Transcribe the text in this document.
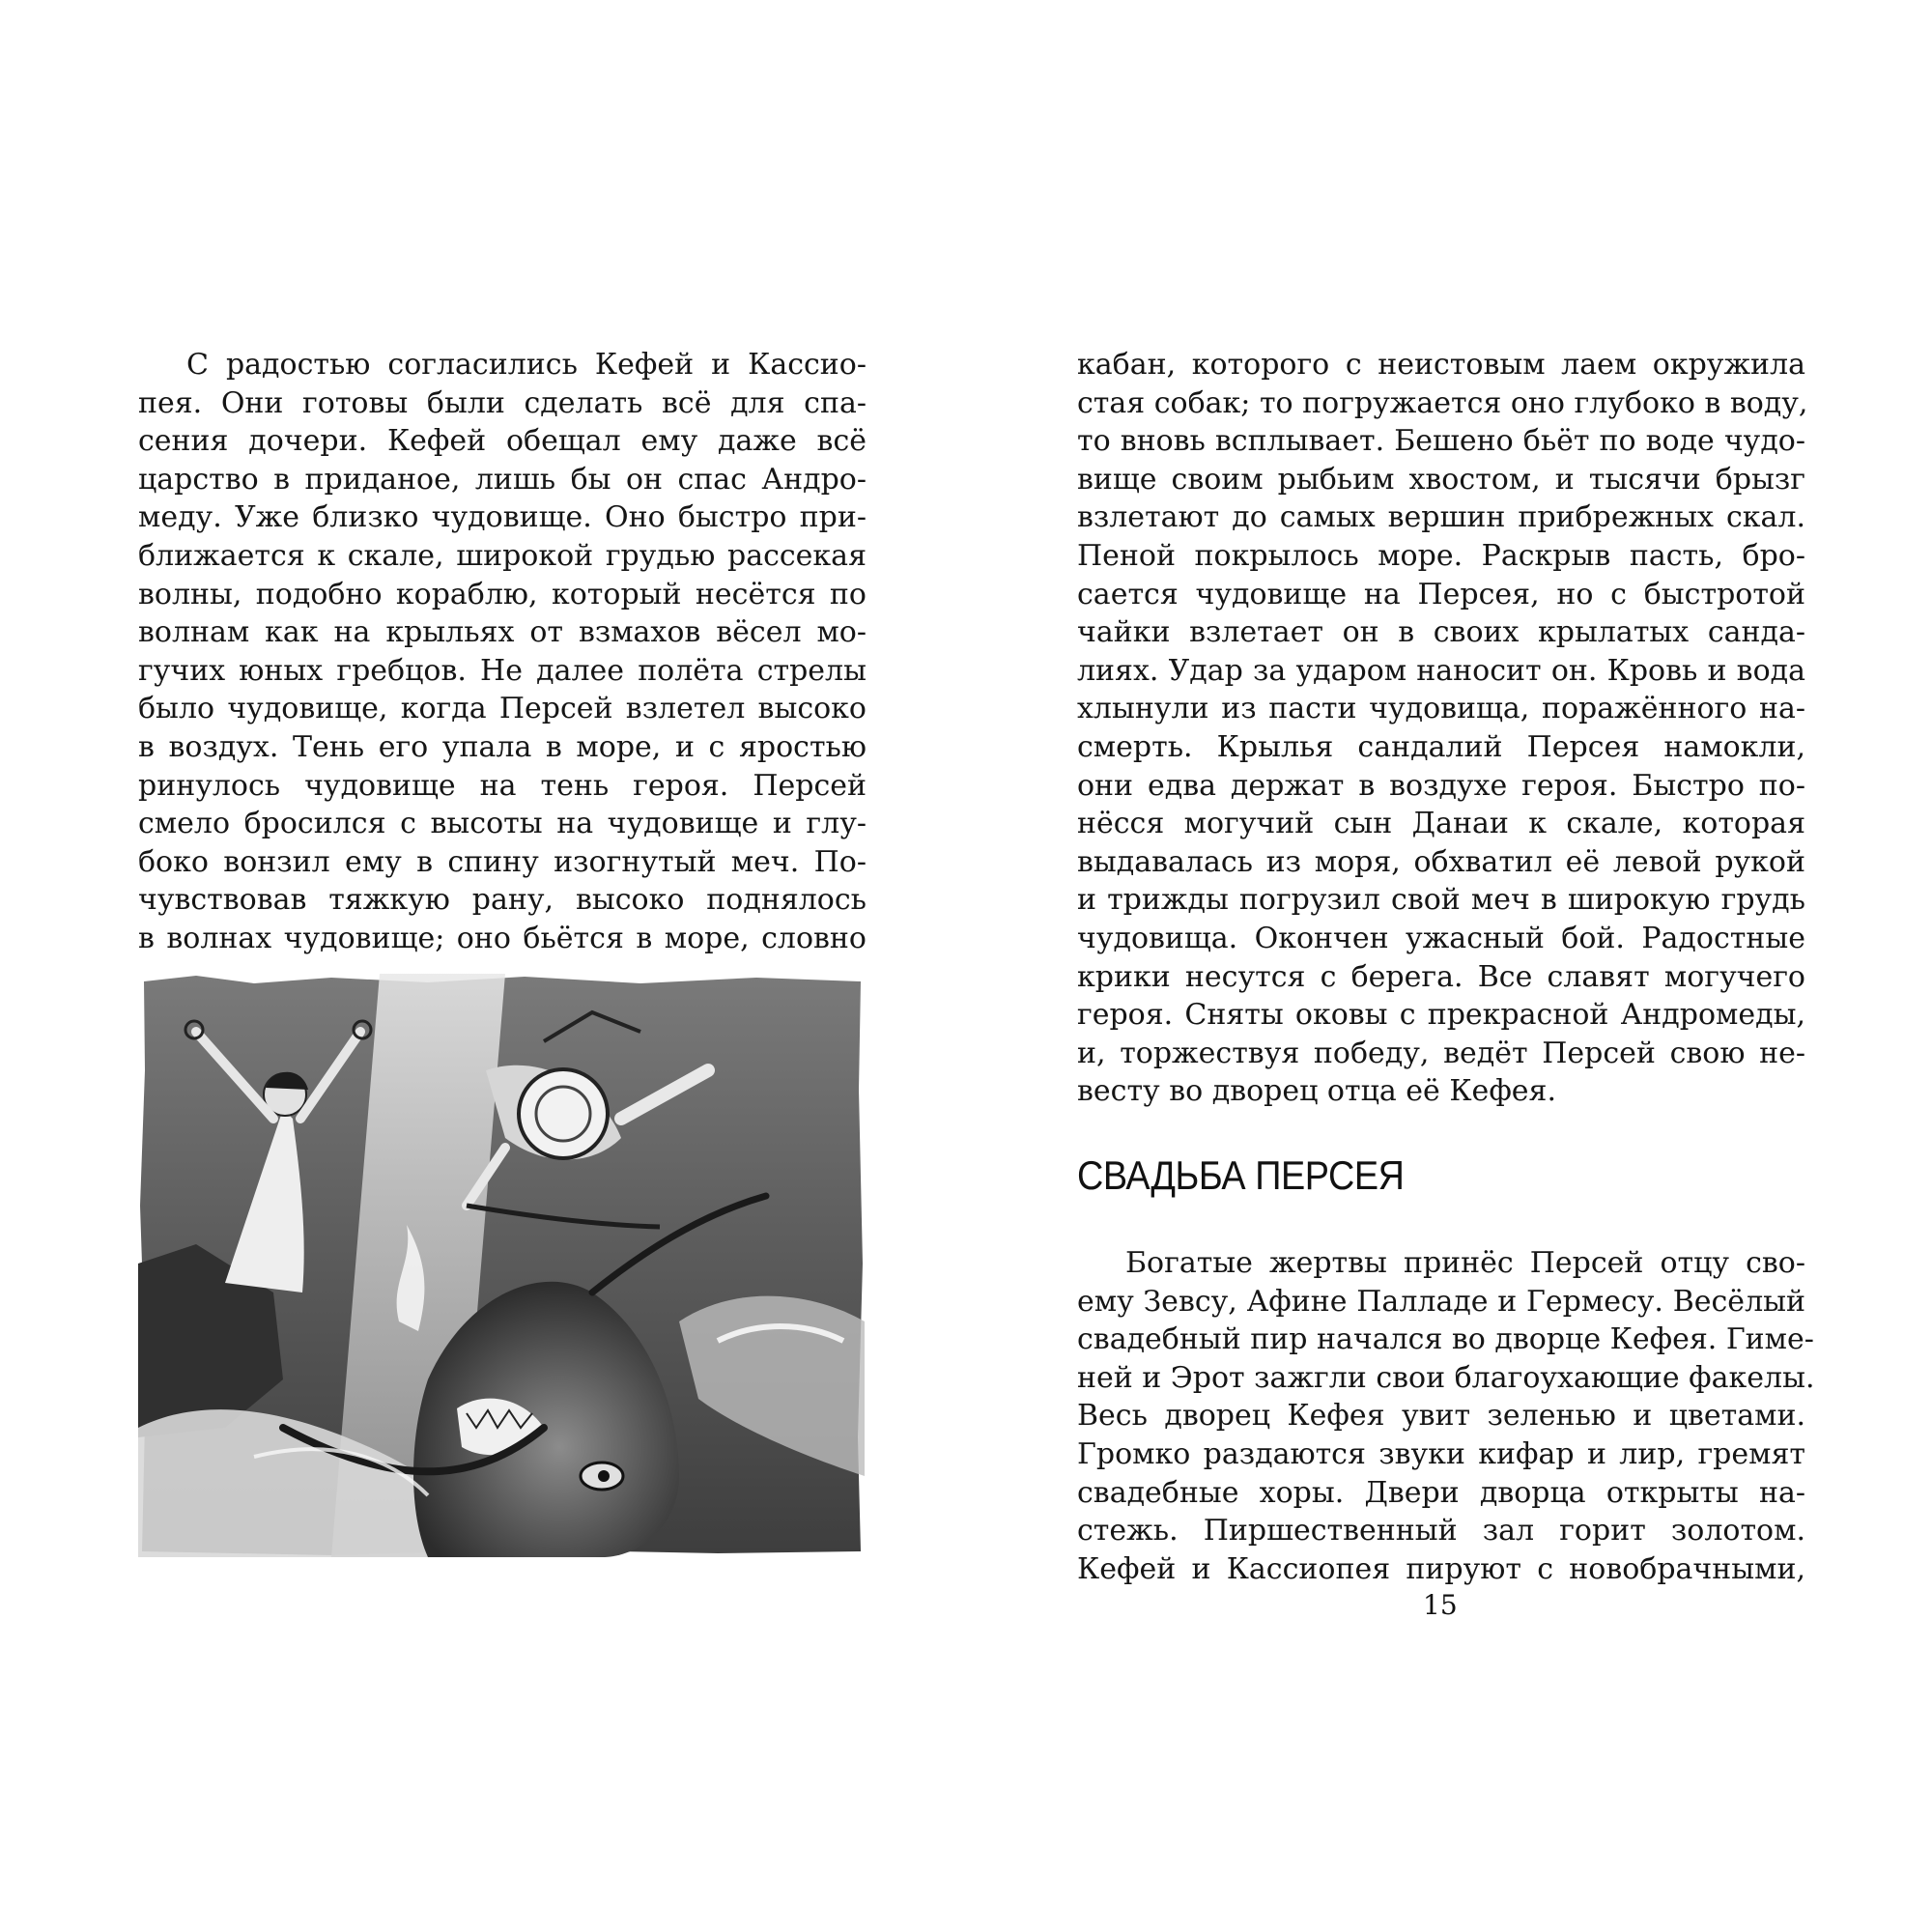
С радостью согласились Кефей и Кассио-
пея. Они готовы были сделать всё для спа-
сения дочери. Кефей обещал ему даже всё
царство в приданое, лишь бы он спас Андро-
меду. Уже близко чудовище. Оно быстро при-
ближается к скале, широкой грудью рассекая
волны, подобно кораблю, который несётся по
волнам как на крыльях от взмахов вёсел мо-
гучих юных гребцов. Не далее полёта стрелы
было чудовище, когда Персей взлетел высоко
в воздух. Тень его упала в море, и с яростью
ринулось чудовище на тень героя. Персей
смело бросился с высоты на чудовище и глу-
боко вонзил ему в спину изогнутый меч. По-
чувствовав тяжкую рану, высоко поднялось
в волнах чудовище; оно бьётся в море, словно
кабан, которого с неистовым лаем окружила
стая собак; то погружается оно глубоко в воду,
то вновь всплывает. Бешено бьёт по воде чудо-
вище своим рыбьим хвостом, и тысячи брызг
взлетают до самых вершин прибрежных скал.
Пеной покрылось море. Раскрыв пасть, бро-
сается чудовище на Персея, но с быстротой
чайки взлетает он в своих крылатых санда-
лиях. Удар за ударом наносит он. Кровь и вода
хлынули из пасти чудовища, поражённого на-
смерть. Крылья сандалий Персея намокли,
они едва держат в воздухе героя. Быстро по-
нёсся могучий сын Данаи к скале, которая
выдавалась из моря, обхватил её левой рукой
и трижды погрузил свой меч в широкую грудь
чудовища. Окончен ужасный бой. Радостные
крики несутся с берега. Все славят могучего
героя. Сняты оковы с прекрасной Андромеды,
и, торжествуя победу, ведёт Персей свою не-
весту во дворец отца её Кефея.
СВАДЬБА ПЕРСЕЯ
Богатые жертвы принёс Персей отцу сво-
ему Зевсу, Афине Палладе и Гермесу. Весёлый
свадебный пир начался во дворце Кефея. Гиме-
ней и Эрот зажгли свои благоухающие факелы.
Весь дворец Кефея увит зеленью и цветами.
Громко раздаются звуки кифар и лир, гремят
свадебные хоры. Двери дворца открыты на-
стежь. Пиршественный зал горит золотом.
Кефей и Кассиопея пируют с новобрачными,
15
